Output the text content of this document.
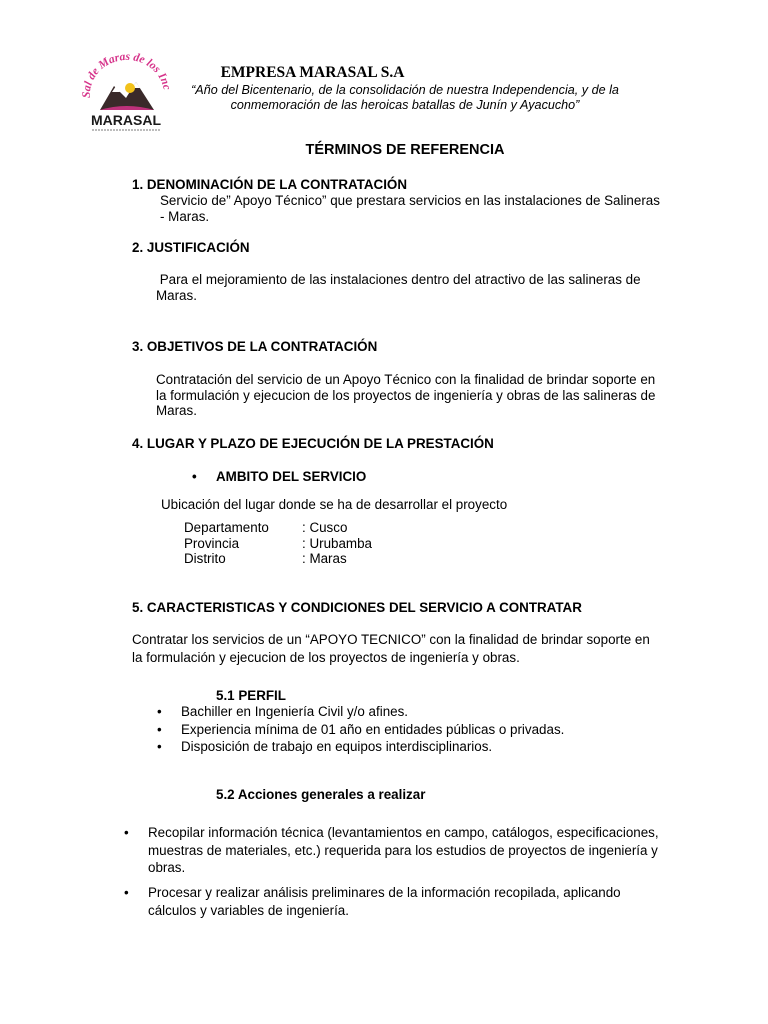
Sal de Maras de los Inc
MARASAL
EMPRESA MARASAL S.A
“Año del Bicentenario, de la consolidación de nuestra Independencia, y de la
conmemoración de las heroicas batallas de Junín y Ayacucho”
TÉRMINOS DE REFERENCIA
1. DENOMINACIÓN DE LA CONTRATACIÓN
Servicio de” Apoyo Técnico” que prestara servicios en las instalaciones de Salineras
- Maras.
2. JUSTIFICACIÓN
Para el mejoramiento de las instalaciones dentro del atractivo de las salineras de
Maras.
3. OBJETIVOS DE LA CONTRATACIÓN
Contratación del servicio de un Apoyo Técnico con la finalidad de brindar soporte en
la formulación y ejecucion de los proyectos de ingeniería y obras de las salineras de
Maras.
4. LUGAR Y PLAZO DE EJECUCIÓN DE LA PRESTACIÓN
• AMBITO DEL SERVICIO
Ubicación del lugar donde se ha de desarrollar el proyecto
Departamento : Cusco
Provincia	: Urubamba
Distrito	: Maras
5. CARACTERISTICAS Y CONDICIONES DEL SERVICIO A CONTRATAR
Contratar los servicios de un “APOYO TECNICO” con la finalidad de brindar soporte en
la formulación y ejecucion de los proyectos de ingeniería y obras.
5.1 PERFIL
•	Bachiller en Ingeniería Civil y/o afines.
•	Experiencia mínima de 01 año en entidades públicas o privadas.
•	Disposición de trabajo en equipos interdisciplinarios.
5.2 Acciones generales a realizar
•	Recopilar información técnica (levantamientos en campo, catálogos, especificaciones,
muestras de materiales, etc.) requerida para los estudios de proyectos de ingeniería y
obras.
•	Procesar y realizar análisis preliminares de la información recopilada, aplicando
cálculos y variables de ingeniería.
